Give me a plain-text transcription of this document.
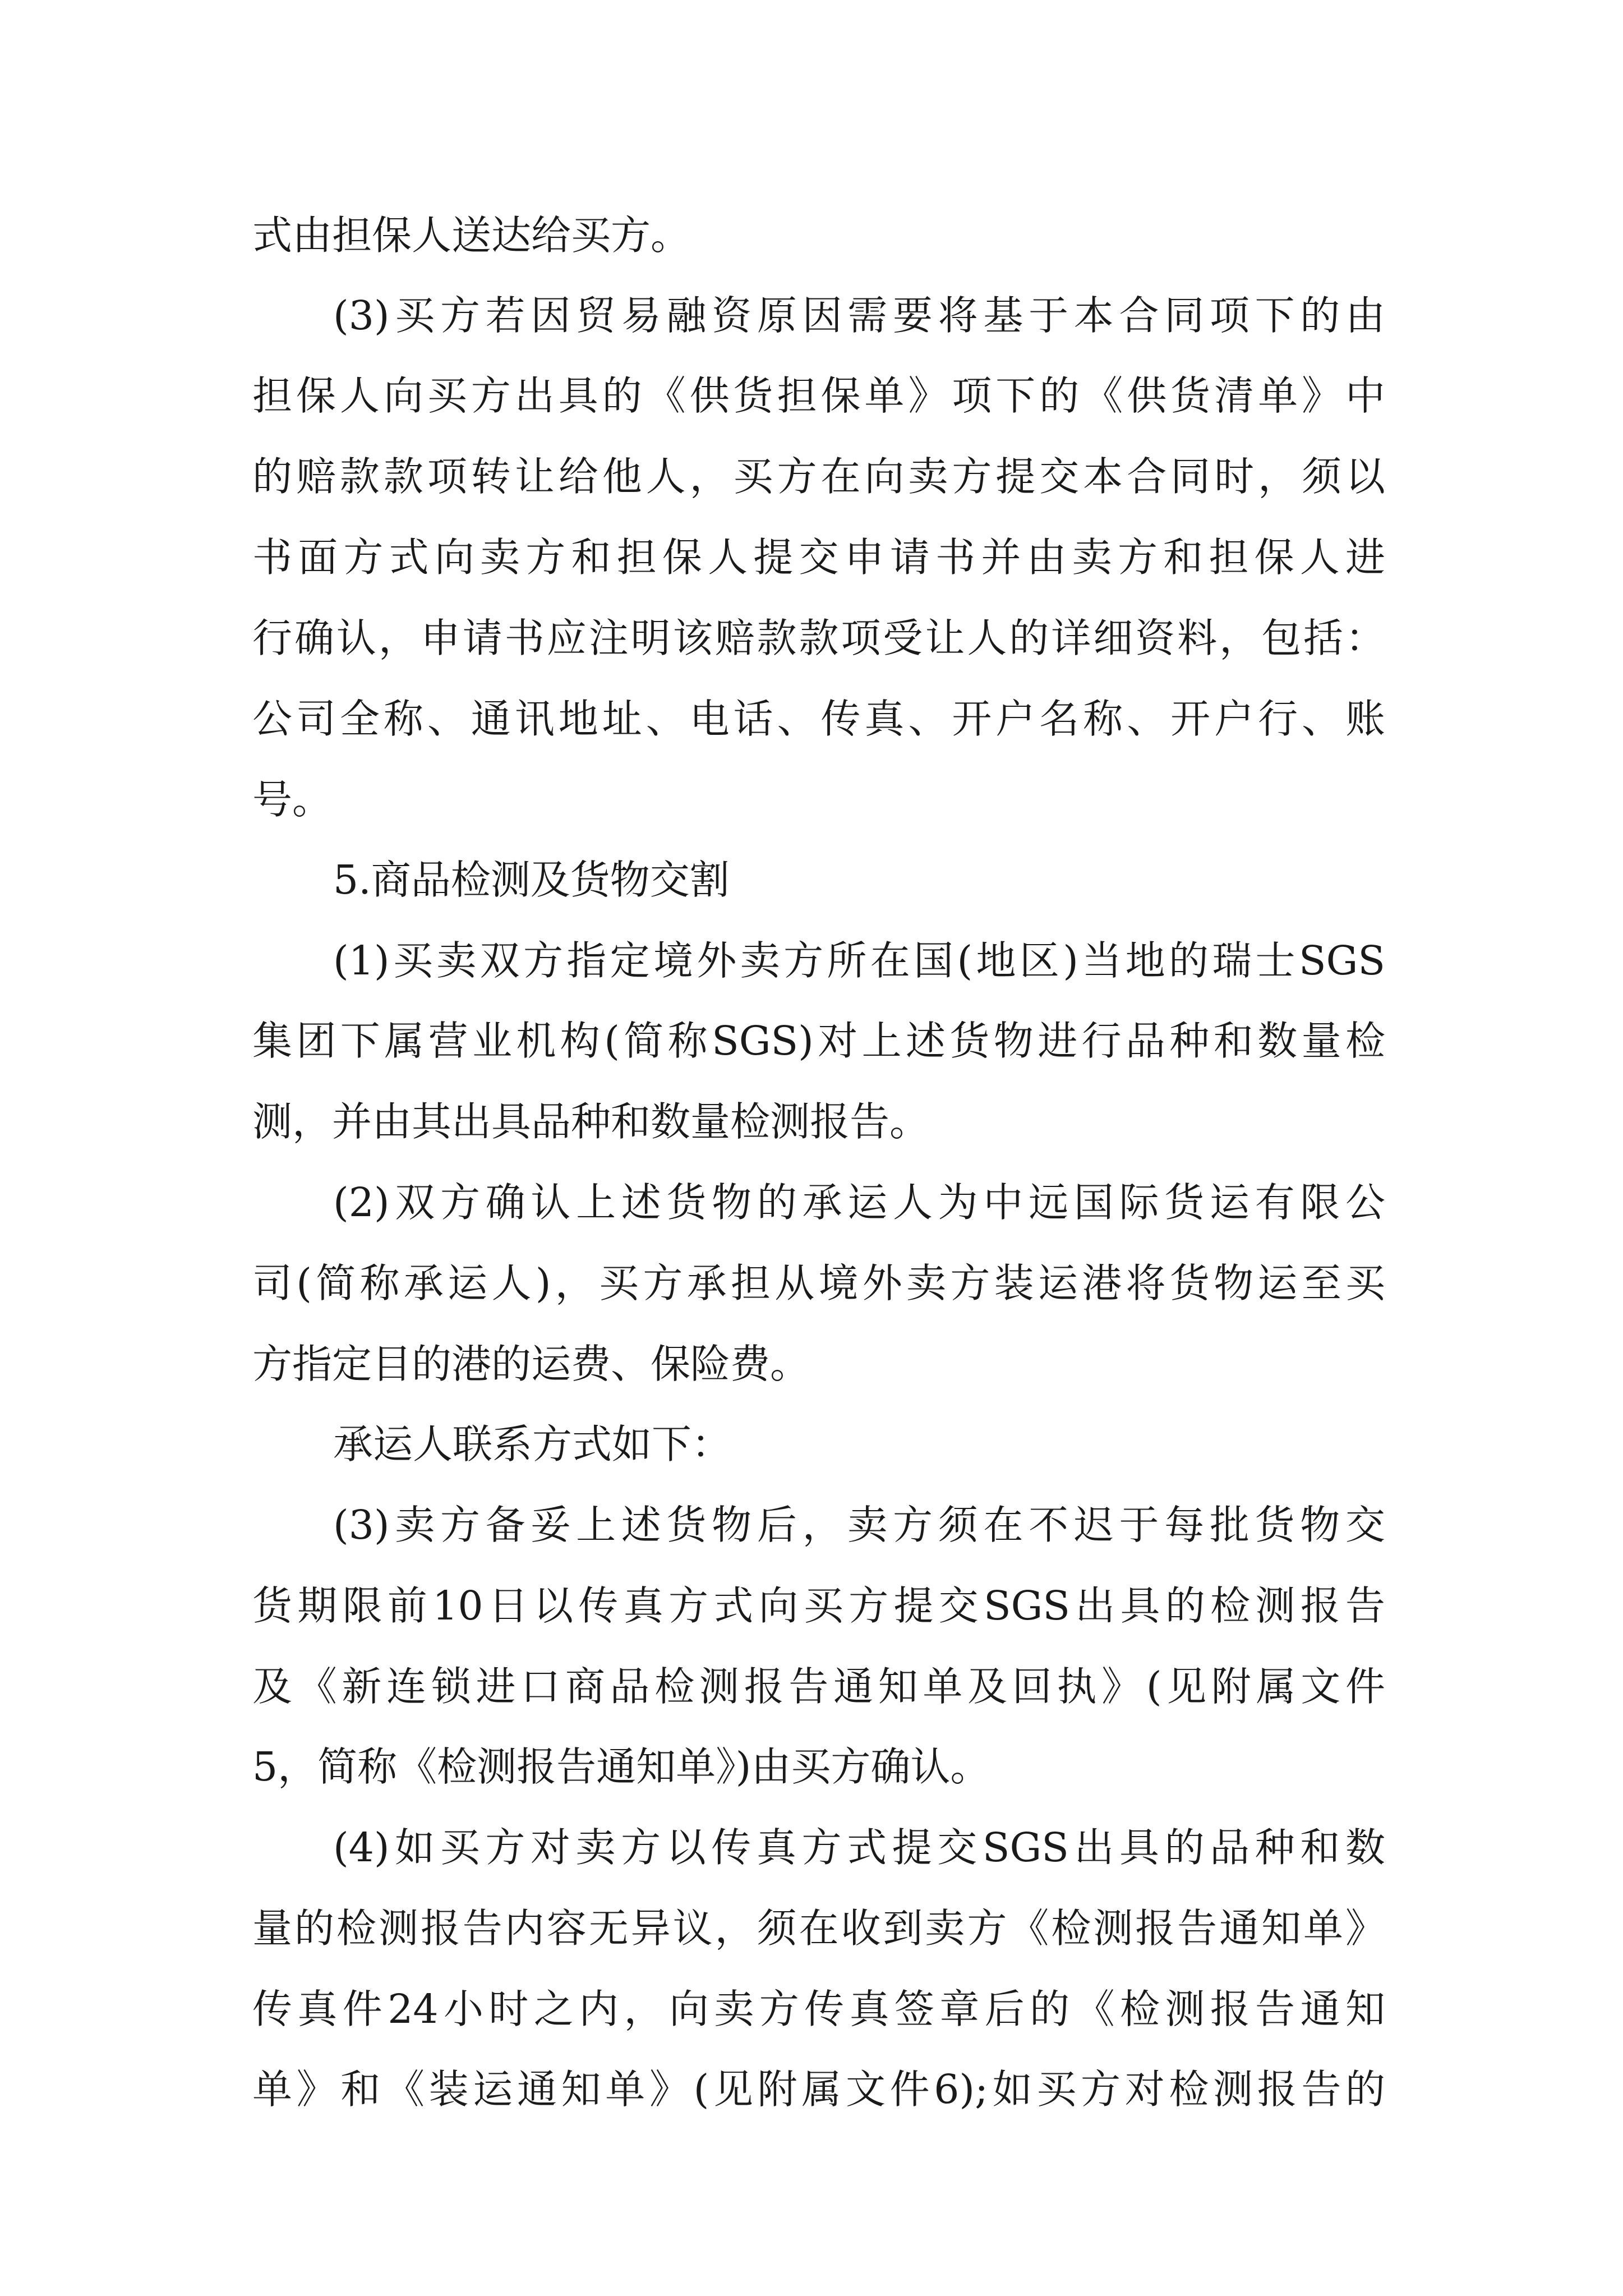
式由担保人送达给买方。

(3)买方若因贸易融资原因需要将基于本合同项下的由

担保人向买方出具的《供货担保单》项下的《供货清单》中

的赔款款项转让给他人，买方在向卖方提交本合同时，须以

书面方式向卖方和担保人提交申请书并由卖方和担保人进

行确认，申请书应注明该赔款款项受让人的详细资料，包括：

公司全称、通讯地址、电话、传真、开户名称、开户行、账

号。

5.商品检测及货物交割

(1)买卖双方指定境外卖方所在国(地区)当地的瑞士SGS

集团下属营业机构(简称SGS)对上述货物进行品种和数量检

测，并由其出具品种和数量检测报告。

(2)双方确认上述货物的承运人为中远国际货运有限公

司(简称承运人)，买方承担从境外卖方装运港将货物运至买

方指定目的港的运费、保险费。

承运人联系方式如下：

(3)卖方备妥上述货物后，卖方须在不迟于每批货物交

货期限前10日以传真方式向买方提交SGS出具的检测报告

及《新连锁进口商品检测报告通知单及回执》(见附属文件

5，简称《检测报告通知单》)由买方确认。

(4)如买方对卖方以传真方式提交SGS出具的品种和数

量的检测报告内容无异议，须在收到卖方《检测报告通知单》

传真件24小时之内，向卖方传真签章后的《检测报告通知

单》和《装运通知单》(见附属文件6);如买方对检测报告的
